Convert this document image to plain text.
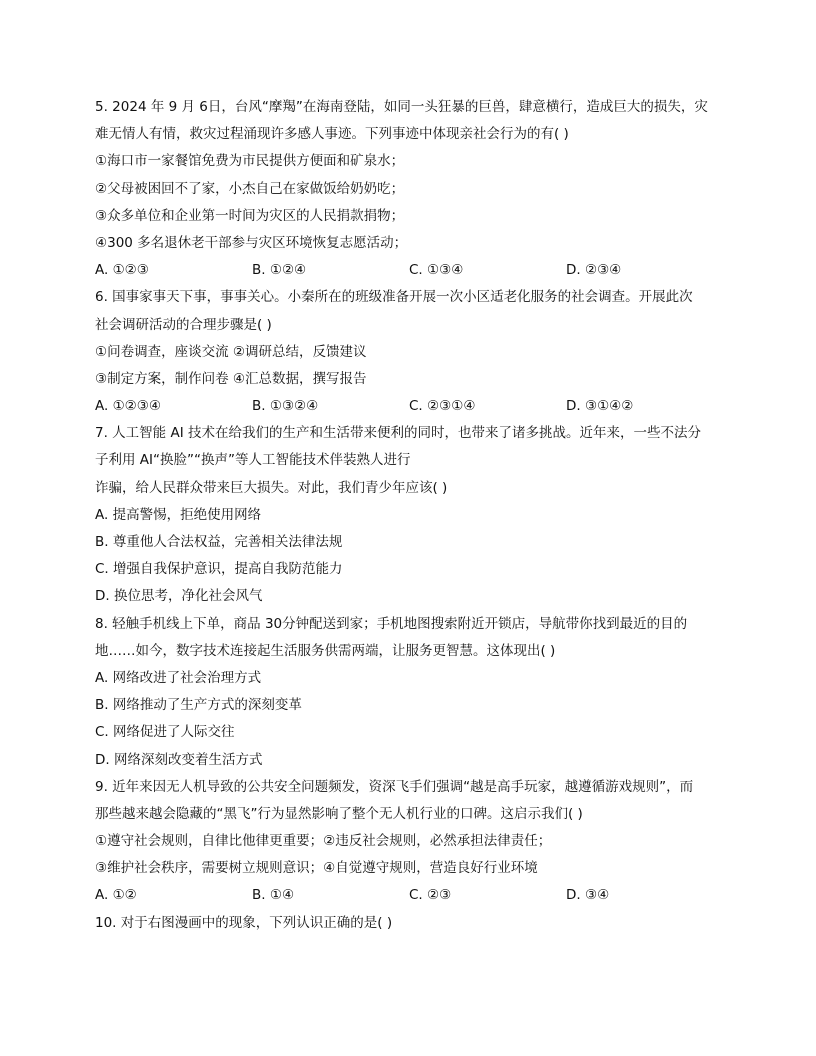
5. 2024 年 9 月 6日，台风“摩羯”在海南登陆，如同一头狂暴的巨兽，肆意横行，造成巨大的损失，灾
难无情人有情，救灾过程涌现许多感人事迹。下列事迹中体现亲社会行为的有( )
①海口市一家餐馆免费为市民提供方便面和矿泉水；
②父母被困回不了家，小杰自己在家做饭给奶奶吃；
③众多单位和企业第一时间为灾区的人民捐款捐物；
④300 多名退休老干部参与灾区环境恢复志愿活动；
A. ①②③	B. ①②④	C. ①③④	D. ②③④
6. 国事家事天下事，事事关心。小秦所在的班级准备开展一次小区适老化服务的社会调查。开展此次
社会调研活动的合理步骤是( )
①问卷调查，座谈交流 ②调研总结，反馈建议
③制定方案，制作问卷 ④汇总数据，撰写报告
A. ①②③④	B. ①③②④	C. ②③①④	D. ③①④②
7. 人工智能 AI 技术在给我们的生产和生活带来便利的同时，也带来了诸多挑战。近年来，一些不法分
子利用 AI“换脸”“换声”等人工智能技术伴装熟人进行
诈骗，给人民群众带来巨大损失。对此，我们青少年应该( )
A. 提高警惕，拒绝使用网络
B. 尊重他人合法权益，完善相关法律法规
C. 增强自我保护意识，提高自我防范能力
D. 换位思考，净化社会风气
8. 轻触手机线上下单，商品 30分钟配送到家；手机地图搜索附近开锁店，导航带你找到最近的目的
地……如今，数字技术连接起生活服务供需两端，让服务更智慧。这体现出( )
A. 网络改进了社会治理方式
B. 网络推动了生产方式的深刻变革
C. 网络促进了人际交往
D. 网络深刻改变着生活方式
9. 近年来因无人机导致的公共安全问题频发，资深飞手们强调“越是高手玩家，越遵循游戏规则”，而
那些越来越会隐藏的“黑飞”行为显然影响了整个无人机行业的口碑。这启示我们( )
①遵守社会规则，自律比他律更重要；②违反社会规则，必然承担法律责任；
③维护社会秩序，需要树立规则意识；④自觉遵守规则，营造良好行业环境
A. ①②	B. ①④	C. ②③	D. ③④
10. 对于右图漫画中的现象，下列认识正确的是( )
